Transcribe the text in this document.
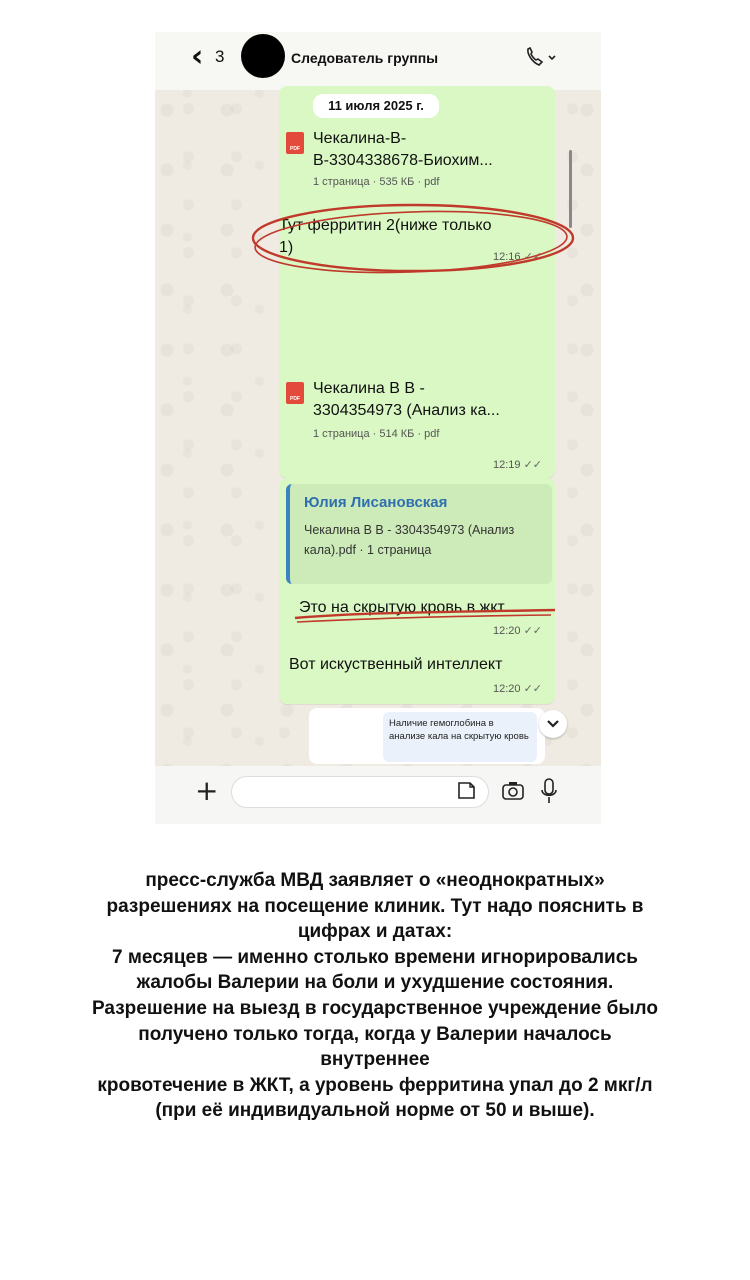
‹ 3	Следователь группы
11 июля 2025 г.
PDF
Чекалина-В-
В-3304338678-Биохим...
1 страница · 535 КБ · pdf
Тут ферритин 2(ниже только
1)
12:16 ✓✓
PDF
Чекалина В В -
3304354973 (Анализ ка...
1 страница · 514 КБ · pdf
12:19 ✓✓
Юлия Лисановская
Чекалина В В - 3304354973 (Анализ кала).pdf · 1 страница
Это на скрытую кровь в жкт
12:20 ✓✓
Вот искуственный интеллект
12:20 ✓✓
Наличие гемоглобина в анализе кала на скрытую кровь
+
пресс-служба МВД заявляет о «неоднократных»
разрешениях на посещение клиник. Тут надо пояснить в
цифрах и датах:
7 месяцев — именно столько времени игнорировались
жалобы Валерии на боли и ухудшение состояния.
Разрешение на выезд в государственное учреждение было
получено только тогда, когда у Валерии началось
внутреннее
кровотечение в ЖКТ, а уровень ферритина упал до 2 мкг/л
(при её индивидуальной норме от 50 и выше).
